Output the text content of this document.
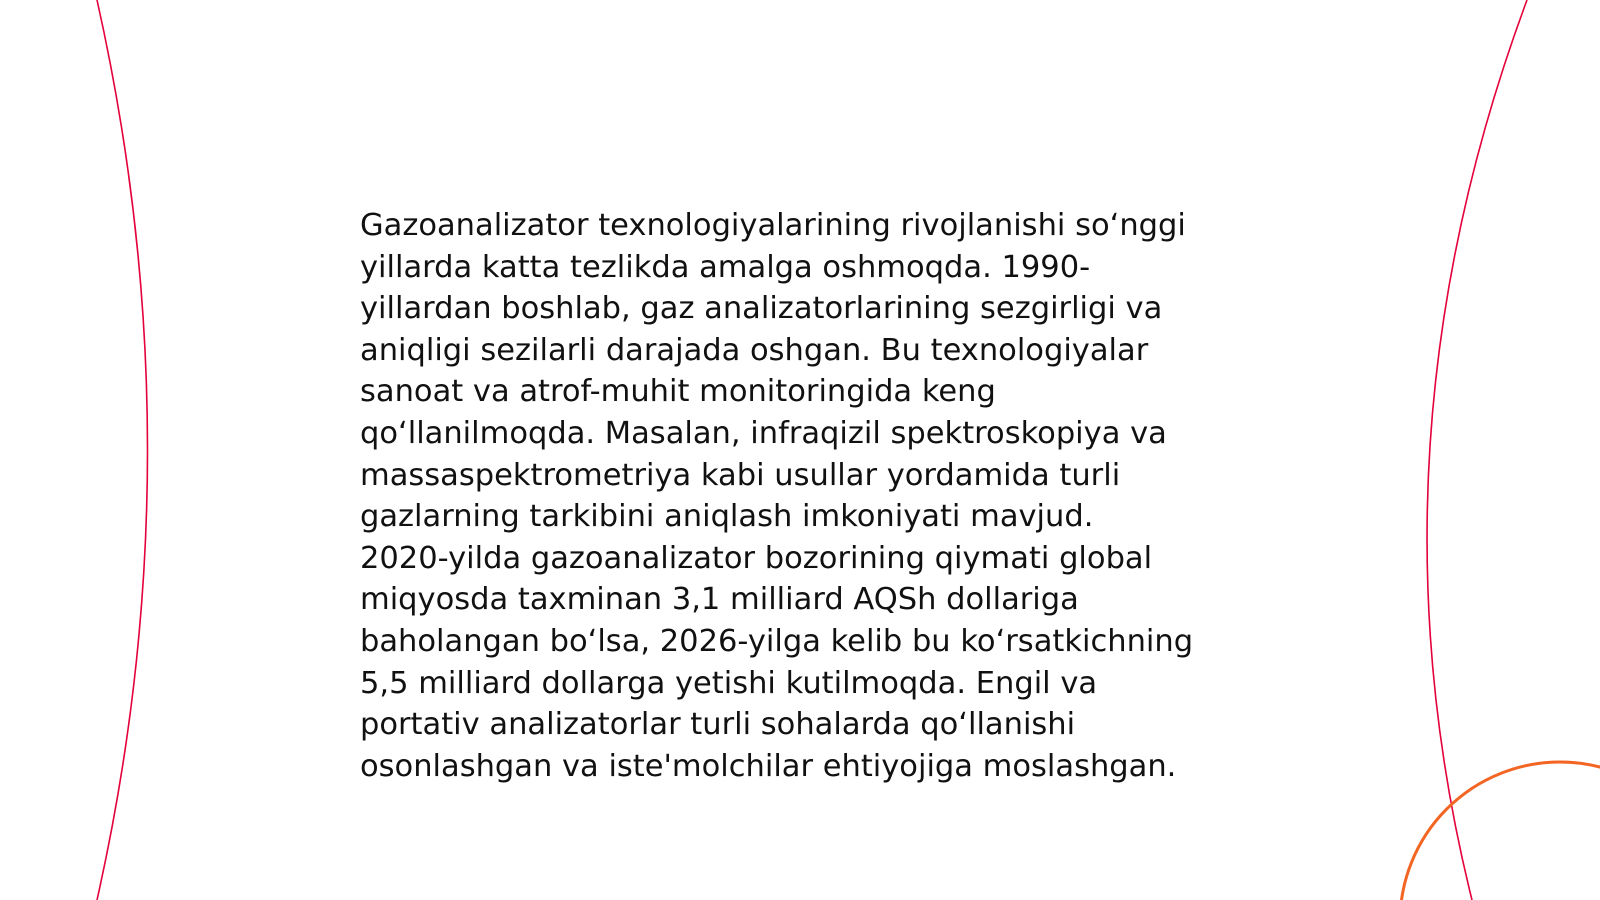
Gazoanalizator texnologiyalarining rivojlanishi so‘nggi
yillarda katta tezlikda amalga oshmoqda. 1990-
yillardan boshlab, gaz analizatorlarining sezgirligi va
aniqligi sezilarli darajada oshgan. Bu texnologiyalar
sanoat va atrof-muhit monitoringida keng
qo‘llanilmoqda. Masalan, infraqizil spektroskopiya va
massaspektrometriya kabi usullar yordamida turli
gazlarning tarkibini aniqlash imkoniyati mavjud.
2020-yilda gazoanalizator bozorining qiymati global
miqyosda taxminan 3,1 milliard AQSh dollariga
baholangan bo‘lsa, 2026-yilga kelib bu ko‘rsatkichning
5,5 milliard dollarga yetishi kutilmoqda. Engil va
portativ analizatorlar turli sohalarda qo‘llanishi
osonlashgan va iste'molchilar ehtiyojiga moslashgan.
